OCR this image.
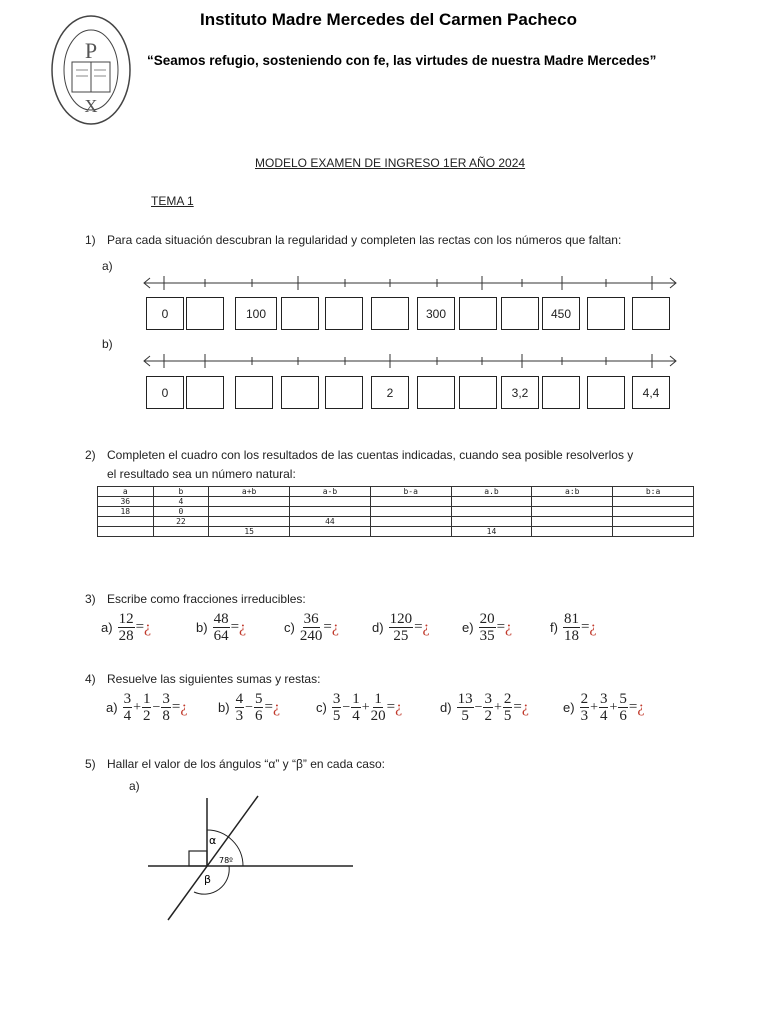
P
X
Instituto Madre Mercedes del Carmen Pacheco
“Seamos refugio, sosteniendo con fe, las virtudes de nuestra Madre Mercedes”
MODELO EXAMEN DE INGRESO 1ER AÑO 2024
TEMA 1
1) Para cada situación descubran la regularidad y completen las rectas con los números que faltan:
a)
b)
0	100	300	450
0	2	3,2	4,4
2) Completen el cuadro con los resultados de las cuentas indicadas, cuando sea posible resolverlos y
el resultado sea un número natural:
a	b	a+b	a-b	b-a	a.b	a:b	b:a
36	4						
18	0						
	22		44				
		15			14		
3) Escribe como fracciones irreducibles:
$a) \frac{12}{28}$ = ¿	$b) \frac{48}{64}$ = ¿	$c) \frac{36}{240}$ = ¿	$d) \frac{120}{25}$ = ¿ $e) \frac{20}{35}$ = ¿	$f) \frac{81}{18}$ = ¿
4) Resuelve las siguientes sumas y restas:
$a) \frac{3}{4} + \frac{1}{2} - \frac{3}{8}$ = ¿ $b) \frac{4}{3} - \frac{5}{6}$ = ¿	$c) \frac{3}{5} - \frac{1}{4} + \frac{1}{20}$ = ¿	$d) \frac{13}{5} - \frac{3}{2} + \frac{2}{5}$ = ¿	$e) \frac{2}{3} + \frac{3}{4} + \frac{5}{6}$ = ¿
5) Hallar el valor de los ángulos “α” y “β” en cada caso:
a)
α
78º
β
